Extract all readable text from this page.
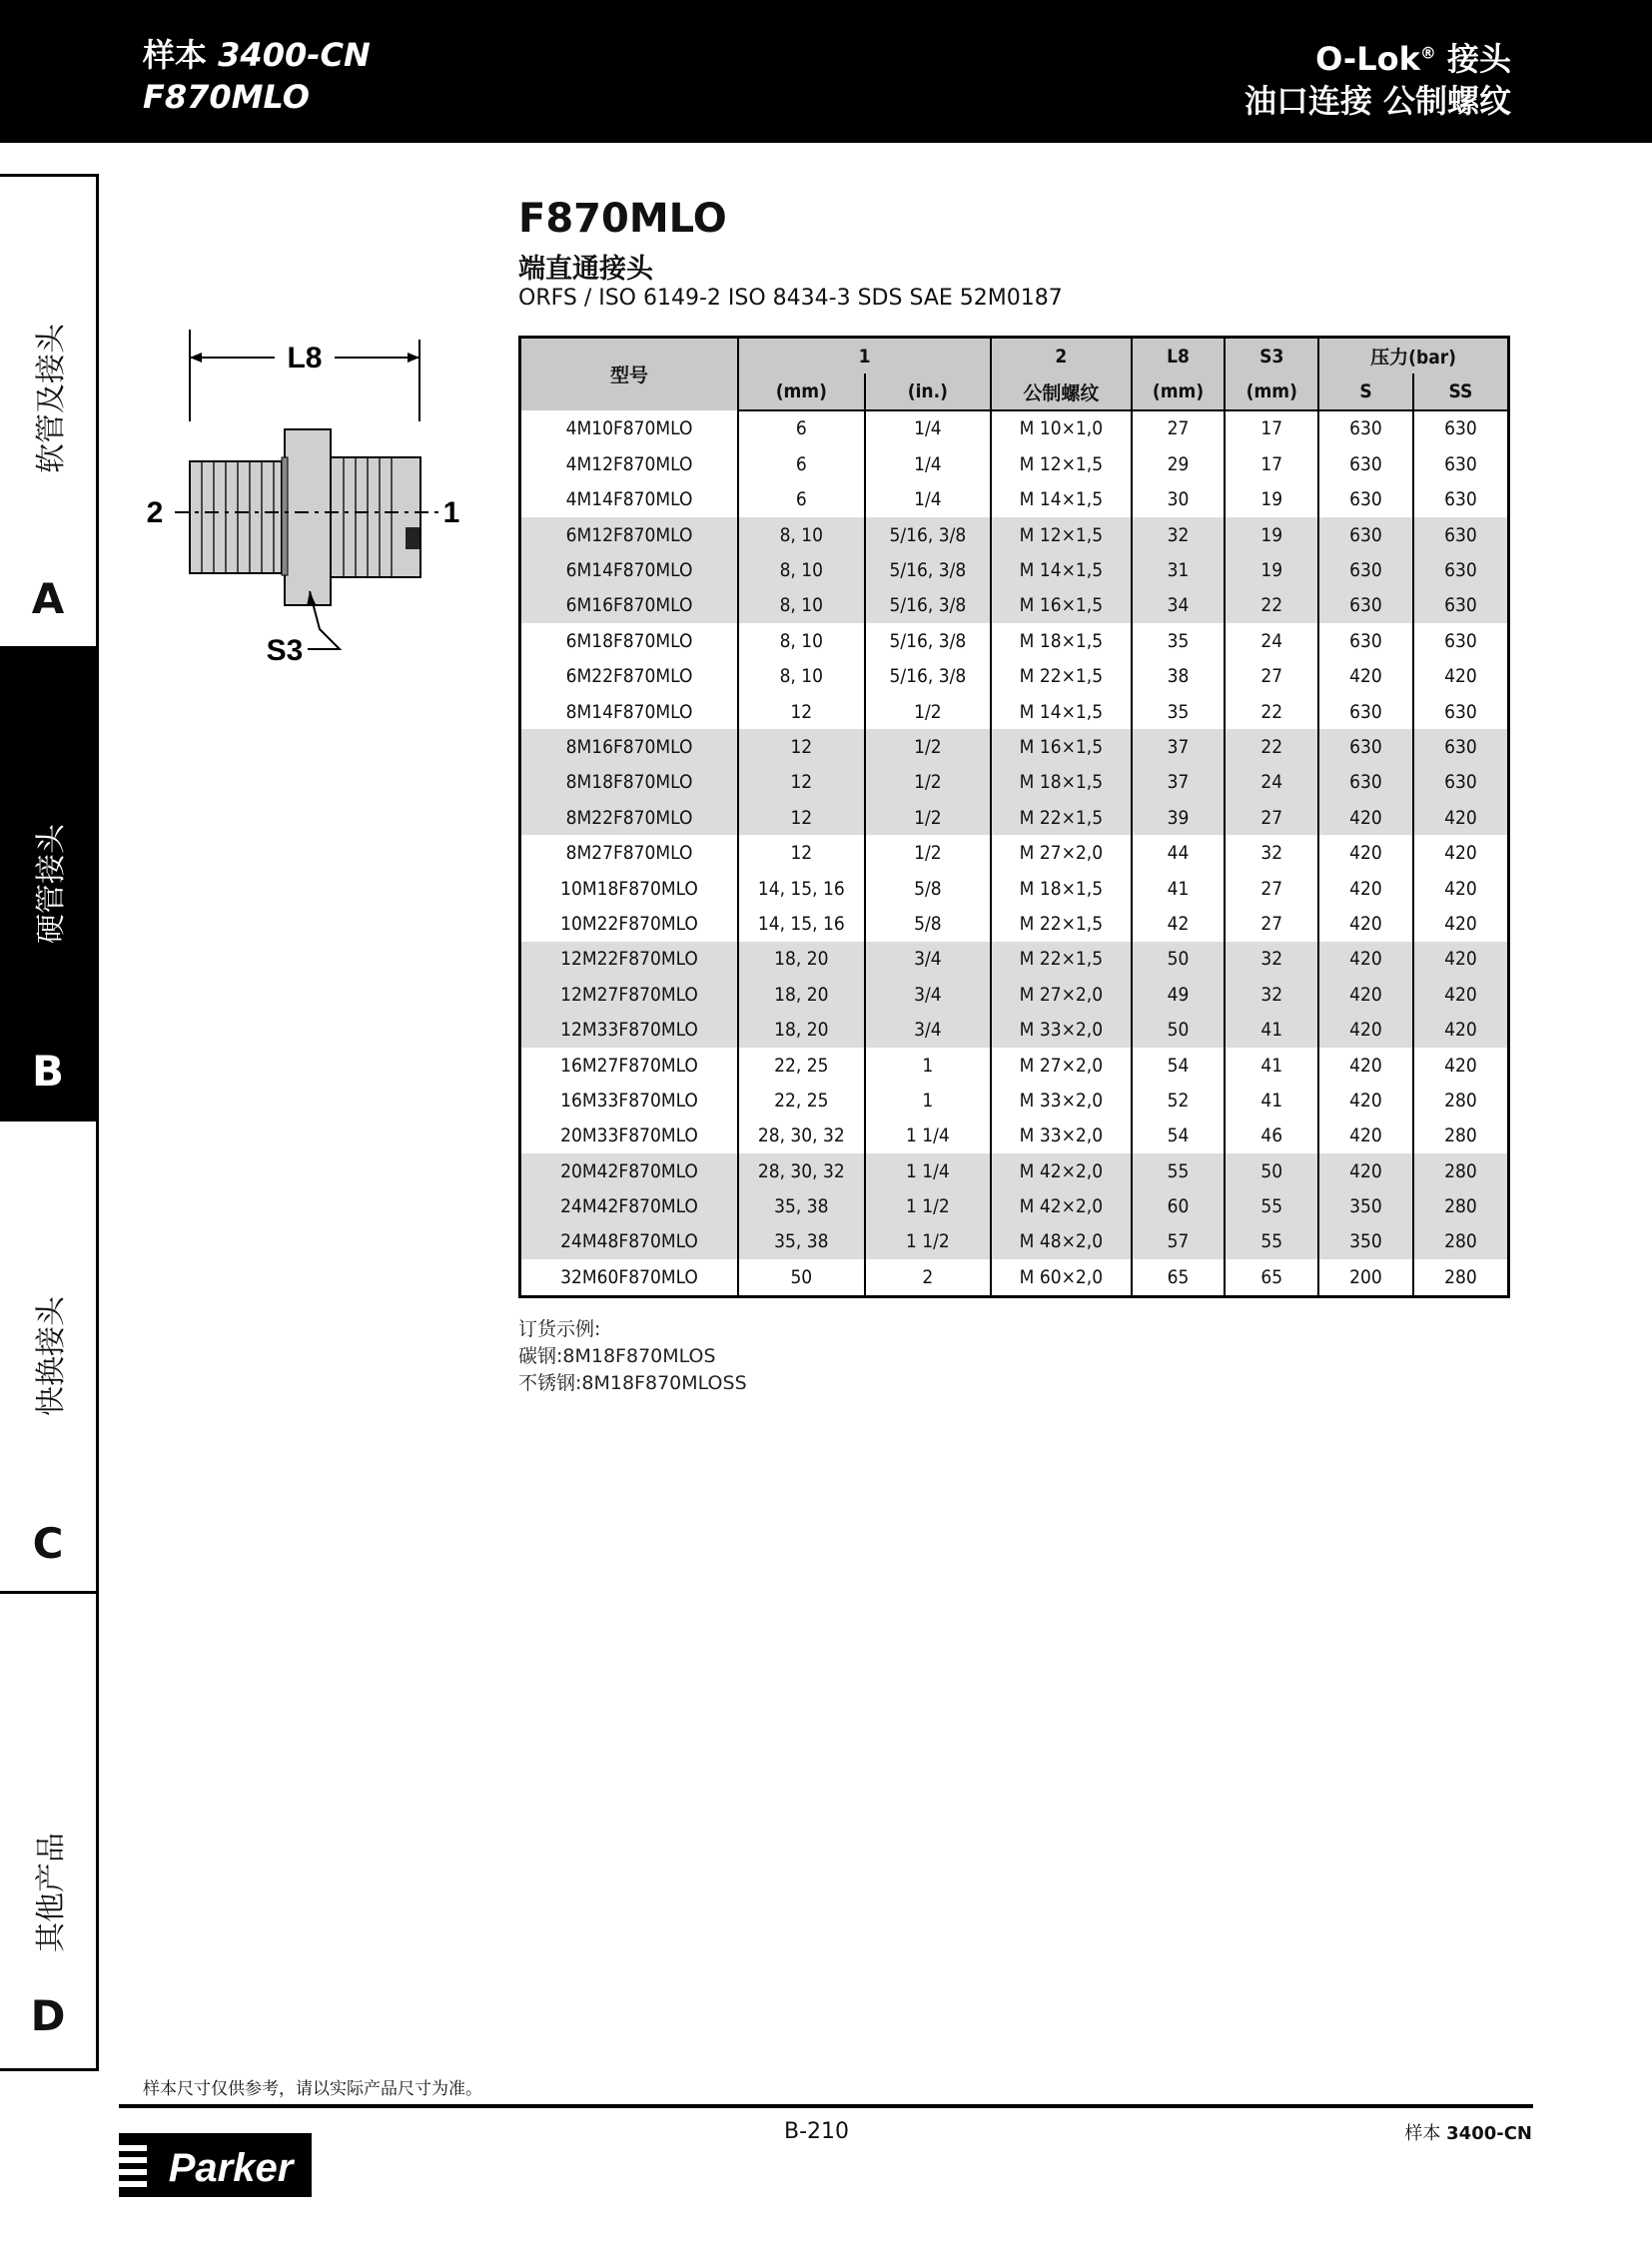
样本 3400-CN
F870MLO
O-Lok® 接头
油口连接 公制螺纹
软管及接头
A
硬管接头
B
快换接头
C
其他产品
D
L8
2	1
S3
F870MLO
端直通接头
ORFS / ISO 6149-2 ISO 8434-3 SDS SAE 52M0187
型号	1		2	L8	S3	压力(bar)	
	(mm)	(in.)	公制螺纹	(mm)	(mm)	S	SS
4M10F870MLO	6	1/4	M 10×1,0	27	17	630	630
4M12F870MLO	6	1/4	M 12×1,5	29	17	630	630
4M14F870MLO	6	1/4	M 14×1,5	30	19	630	630
6M12F870MLO	8, 10	5/16, 3/8	M 12×1,5	32	19	630	630
6M14F870MLO	8, 10	5/16, 3/8	M 14×1,5	31	19	630	630
6M16F870MLO	8, 10	5/16, 3/8	M 16×1,5	34	22	630	630
6M18F870MLO	8, 10	5/16, 3/8	M 18×1,5	35	24	630	630
6M22F870MLO	8, 10	5/16, 3/8	M 22×1,5	38	27	420	420
8M14F870MLO	12	1/2	M 14×1,5	35	22	630	630
8M16F870MLO	12	1/2	M 16×1,5	37	22	630	630
8M18F870MLO	12	1/2	M 18×1,5	37	24	630	630
8M22F870MLO	12	1/2	M 22×1,5	39	27	420	420
8M27F870MLO	12	1/2	M 27×2,0	44	32	420	420
10M18F870MLO	14, 15, 16	5/8	M 18×1,5	41	27	420	420
10M22F870MLO	14, 15, 16	5/8	M 22×1,5	42	27	420	420
12M22F870MLO	18, 20	3/4	M 22×1,5	50	32	420	420
12M27F870MLO	18, 20	3/4	M 27×2,0	49	32	420	420
12M33F870MLO	18, 20	3/4	M 33×2,0	50	41	420	420
16M27F870MLO	22, 25	1	M 27×2,0	54	41	420	420
16M33F870MLO	22, 25	1	M 33×2,0	52	41	420	280
20M33F870MLO	28, 30, 32	1 1/4	M 33×2,0	54	46	420	280
20M42F870MLO	28, 30, 32	1 1/4	M 42×2,0	55	50	420	280
24M42F870MLO	35, 38	1 1/2	M 42×2,0	60	55	350	280
24M48F870MLO	35, 38	1 1/2	M 48×2,0	57	55	350	280
32M60F870MLO	50	2	M 60×2,0	65	65	200	280
订货示例:
碳钢:8M18F870MLOS
不锈钢:8M18F870MLOSS
样本尺寸仅供参考，请以实际产品尺寸为准。
Parker
B-210	样本 3400-CN
